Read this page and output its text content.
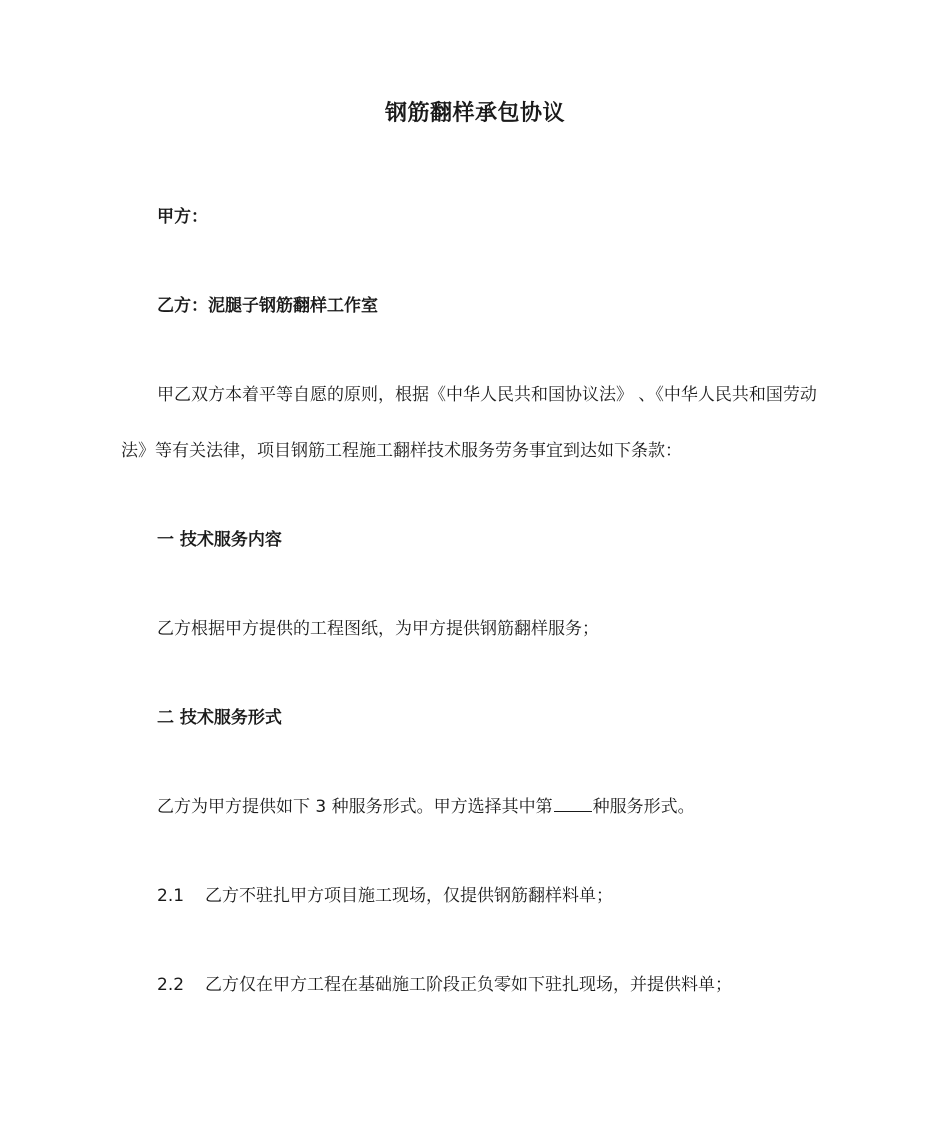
钢筋翻样承包协议
甲方：
乙方：泥腿子钢筋翻样工作室
甲乙双方本着平等自愿的原则，根据《中华人民共和国协议法》 、《中华人民共和国劳动法》等有关法律，项目钢筋工程施工翻样技术服务劳务事宜到达如下条款：
一 技术服务内容
乙方根据甲方提供的工程图纸，为甲方提供钢筋翻样服务；
二 技术服务形式
乙方为甲方提供如下 3 种服务形式。甲方选择其中第 种服务形式。
2.1 乙方不驻扎甲方项目施工现场，仅提供钢筋翻样料单；
2.2 乙方仅在甲方工程在基础施工阶段正负零如下驻扎现场，并提供料单；
